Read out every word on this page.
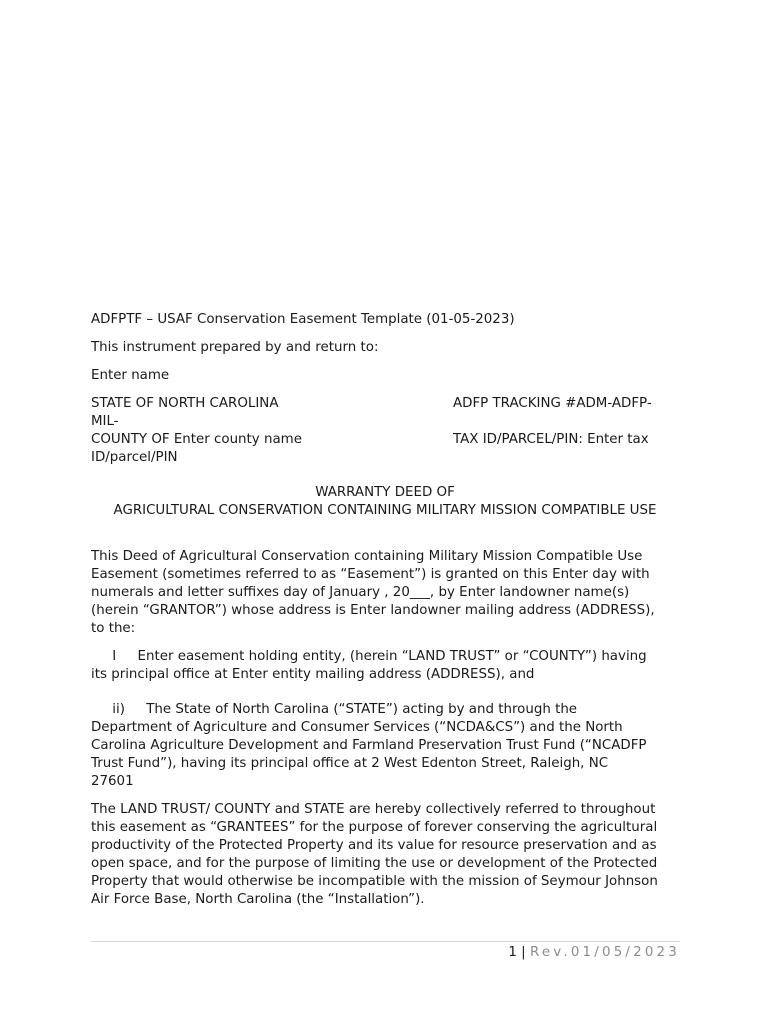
ADFPTF – USAF Conservation Easement Template (01-05-2023)
This instrument prepared by and return to:
Enter name
STATE OF NORTH CAROLINA	ADFP TRACKING #ADM-ADFP-
MIL-
COUNTY OF Enter county name	TAX ID/PARCEL/PIN: Enter tax
ID/parcel/PIN
WARRANTY DEED OF
AGRICULTURAL CONSERVATION CONTAINING MILITARY MISSION COMPATIBLE USE

This Deed of Agricultural Conservation containing Military Mission Compatible Use

Easement (sometimes referred to as “Easement”) is granted on this Enter day with

numerals and letter suffixes day of January , 20___, by Enter landowner name(s)

(herein “GRANTOR”) whose address is Enter landowner mailing address (ADDRESS),

to the:

I     Enter easement holding entity, (herein “LAND TRUST” or “COUNTY”) having

its principal office at Enter entity mailing address (ADDRESS), and

ii)     The State of North Carolina (“STATE”) acting by and through the

Department of Agriculture and Consumer Services (“NCDA&CS”) and the North

Carolina Agriculture Development and Farmland Preservation Trust Fund (“NCADFP

Trust Fund”), having its principal office at 2 West Edenton Street, Raleigh, NC

27601

The LAND TRUST/ COUNTY and STATE are hereby collectively referred to throughout

this easement as “GRANTEES” for the purpose of forever conserving the agricultural

productivity of the Protected Property and its value for resource preservation and as

open space, and for the purpose of limiting the use or development of the Protected

Property that would otherwise be incompatible with the mission of Seymour Johnson

Air Force Base, North Carolina (the “Installation”).

1 | Rev.01/05/2023
